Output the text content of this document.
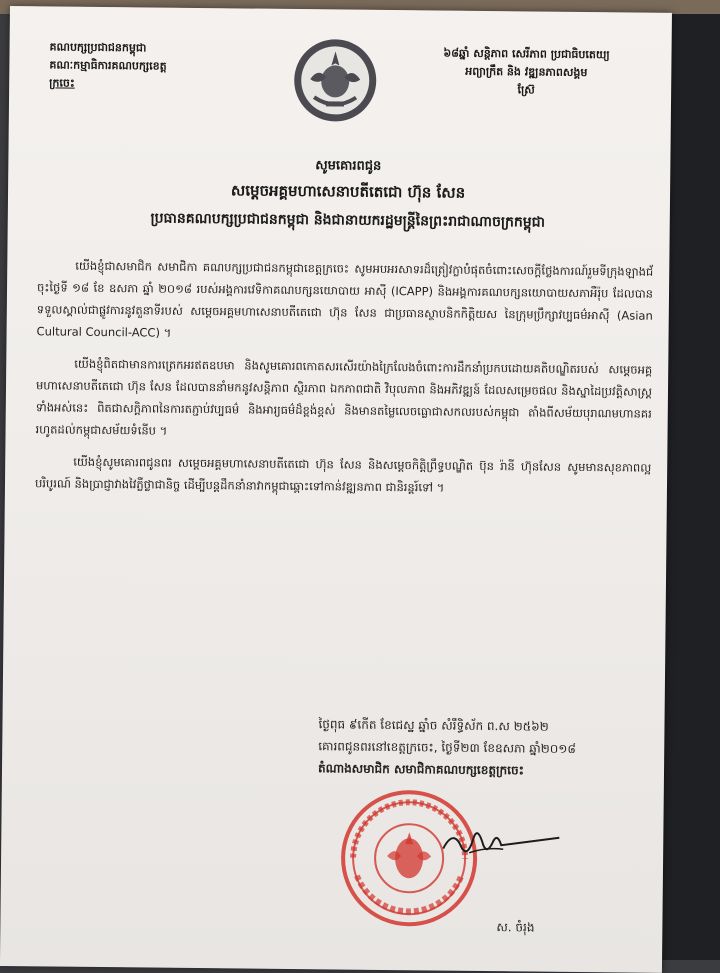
គណបក្សប្រជាជនកម្ពុជា
គណៈកម្មាធិការគណបក្សខេត្ត
ក្រចេះ
៦៨ឆ្នាំ សន្តិភាព សេរីភាព ប្រជាធិបតេយ្យ
អព្យាក្រឹត និង វឌ្ឍនភាពសង្គម
ស្រ៊ែ
សូមគោរពជូន
សម្តេចអគ្គមហាសេនាបតីតេជោ ហ៊ុន សែន
ប្រធានគណបក្សប្រជាជនកម្ពុជា និងជានាយករដ្ឋមន្ត្រីនៃព្រះរាជាណាចក្រកម្ពុជា

យើងខ្ញុំជាសមាជិក សមាជិកា គណបក្សប្រជាជនកម្ពុជាខេត្តក្រចេះ សូមអបអរសាទរដ៏ត្រៀវក្លាបំផុតចំពោះសេចក្តីថ្លែងការណ៍រួមទីក្រុងឡាងជ័ ចុះថ្ងៃទី ១៨ ខែ ឧសភា ឆ្នាំ ២០១៨ របស់អង្គការវេទិកាគណបក្សនយោបាយ អាស៊ី (ICAPP) និងអង្គការគណបក្សនយោបាយសភាអឺរ៉ុប ដែលបានទទួលស្គាល់ជាផ្លូវការនូវតួនាទីរបស់ សម្តេចអគ្គមហាសេនាបតីតេជោ ហ៊ុន សែន ជាប្រធានស្ថាបនិកកិត្តិយស នៃក្រុមប្រឹក្សាវប្បធម៌អាស៊ី (Asian Cultural Council-ACC) ។

យើងខ្ញុំពិតជាមានការត្រេកអរឥតឧបមា និងសូមគោរពកោតសរសើរយ៉ាងក្រៃលែងចំពោះការដឹកនាំប្រកបដោយគតិបណ្ឌិតរបស់ សម្តេចអគ្គមហាសេនាបតីតេជោ ហ៊ុន សែន ដែលបាននាំមកនូវសន្តិភាព ស្ថិរភាព ឯកភាពជាតិ វិបុលភាព និងអភិវឌ្ឍន៍ ដែលសម្រេចផល និងស្នាដៃប្រវត្តិសាស្ត្រទាំងអស់នេះ ពិតជាសក្តិភាពនៃការតភ្ជាប់វប្បធម៌ និងអារ្យធម៌ដ៏ខ្ពង់ខ្ពស់ និងមានតម្លៃលេចធ្លោជាសកលរបស់កម្ពុជា តាំងពីសម័យបុរាណមហានគរ រហូតដល់កម្ពុជាសម័យទំនើប ។

យើងខ្ញុំសូមគោរពជូនពរ សម្តេចអគ្គមហាសេនាបតីតេជោ ហ៊ុន សែន និងសម្តេចកិត្តិព្រឹទ្ធបណ្ឌិត ប៊ុន រ៉ានី ហ៊ុនសែន សូមមានសុខភាពល្អបរិបូរណ៍ និងប្រាជ្ញាវាងវៃភ្លឺថ្លាជានិច្ច ដើម្បីបន្តដឹកនាំនាវាកម្ពុជាឆ្ពោះទៅកាន់វឌ្ឍនភាព ជានិរន្តរ៍ទៅ ។

ថ្ងៃពុធ ៩កើត ខែជេស្ឋ ឆ្នាំច សំរឹទ្ធិស័ក ព.ស ២៥៦២
គោរពជូនពរនៅខេត្តក្រចេះ, ថ្ងៃទី២៣ ខែឧសភា ឆ្នាំ២០១៨
តំណាងសមាជិក សមាជិកាគណបក្សខេត្តក្រចេះ
ស. ចំរុង
